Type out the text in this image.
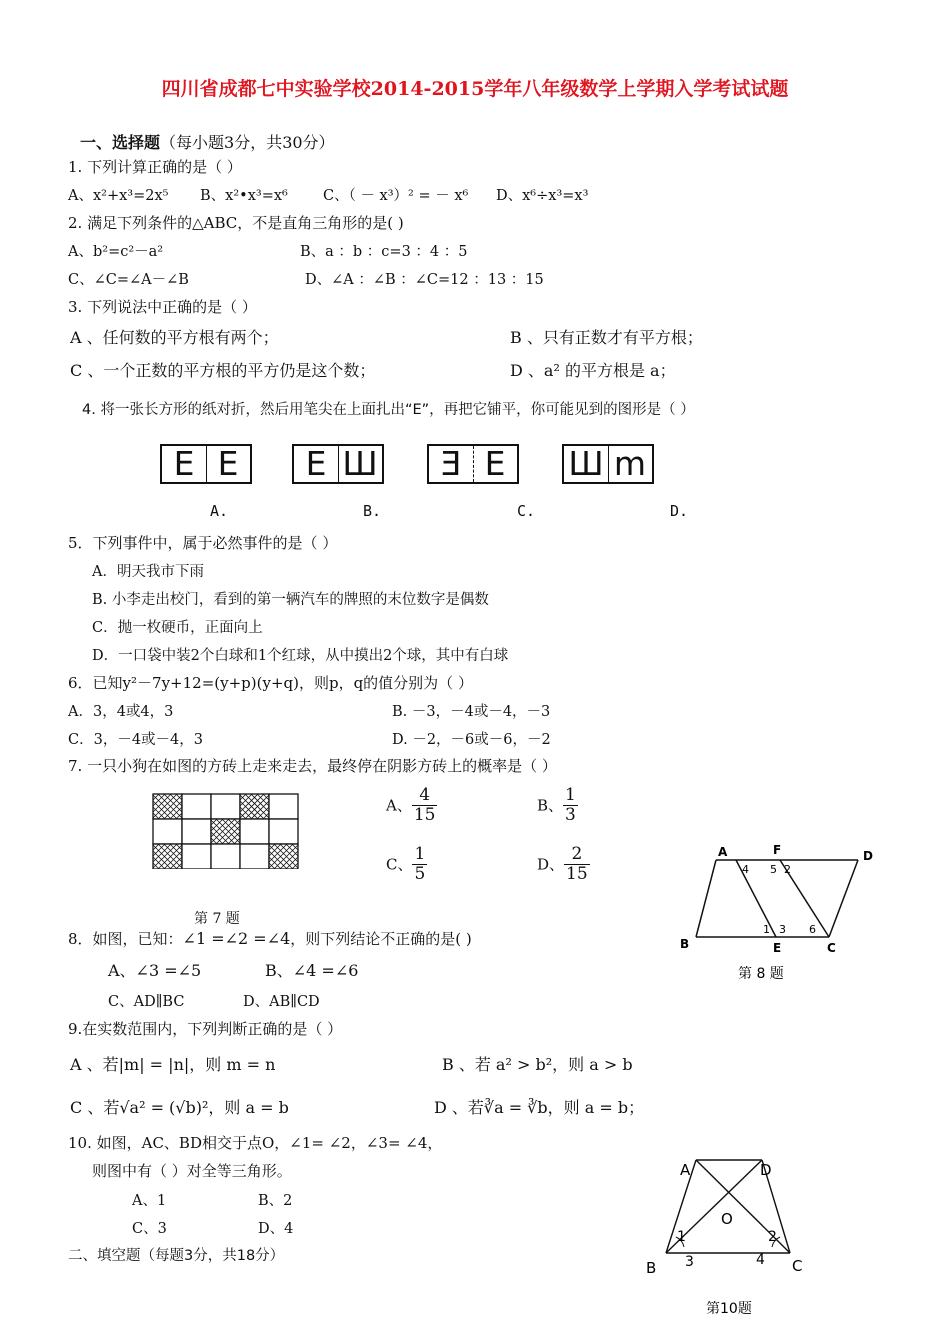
四川省成都七中实验学校2014-2015学年八年级数学上学期入学考试试题
一、选择题（每小题3分，共30分）
1. 下列计算正确的是（ ）
A、x²+x³=2x⁵ B、x²•x³=x⁶ C、（ － x³）² = － x⁶ D、x⁶÷x³=x³
2. 满足下列条件的△ABC，不是直角三角形的是( )
A、b²=c²－a²	B、a ：b ：c=3 ：4 ：5
C、∠C=∠A－∠B	D、∠A ：∠B ：∠C=12 ：13 ：15
3. 下列说法中正确的是（ ）
A 、任何数的平方根有两个；	B 、只有正数才有平方根；
C 、一个正数的平方根的平方仍是这个数；	D 、a² 的平方根是 a；
4. 将一张长方形的纸对折，然后用笔尖在上面扎出“E”，再把它铺平，你可能见到的图形是（ ）
E E	E Ш	Ǝ E	Ш m
A.	B.	C.	D.
5．下列事件中，属于必然事件的是（ ）
A．明天我市下雨
B. 小李走出校门，看到的第一辆汽车的牌照的末位数字是偶数
C．抛一枚硬币，正面向上
D．一口袋中装2个白球和1个红球，从中摸出2个球，其中有白球
6．已知y²－7y+12=(y+p)(y+q)，则p，q的值分别为（ ）
A．3，4或4，3	B. －3，－4或－4，－3
C．3，－4或－4，3	D. －2，－6或－6，－2
7. 一只小狗在如图的方砖上走来走去，最终停在阴影方砖上的概率是（ ）
A、 $\frac{4}{15}$	B、 $\frac{1}{3}$
C、 $\frac{1}{5}$	D、 $\frac{2}{15}$	A	F	D
B	E	C
4 5 2
1 3 6
第 8 题
第 7 题
8．如图，已知：∠1 =∠2 =∠4，则下列结论不正确的是( )
A、∠3 =∠5	B、∠4 =∠6
C、AD∥BC	D、AB∥CD
9.在实数范围内，下列判断正确的是（ ）
A 、若|m| = |n|，则 m = n	B 、若 a² > b²，则 a > b
C 、若√a² = (√b)²，则 a = b	D 、若∛a = ∛b，则 a = b；
10. 如图，AC、BD相交于点O，∠1= ∠2，∠3= ∠4，
则图中有（ ）对全等三角形。
A、1	B、2
C、3	D、4
二、填空题（每题3分，共18分）
A	D
O
B	C
1	2
3	4
第10题
